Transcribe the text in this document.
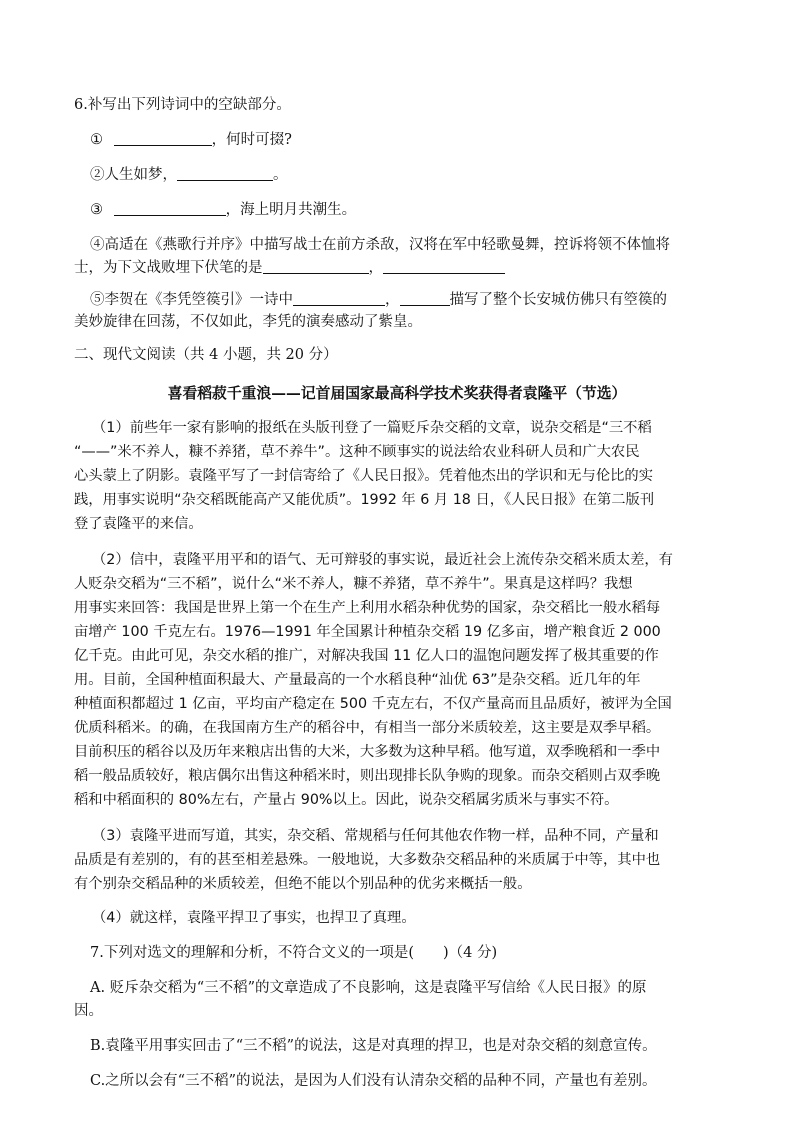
6.补写出下列诗词中的空缺部分。
①	，何时可掇?
②人生如梦，	。
③	，海上明月共潮生。
④高适在《燕歌行并序》中描写战士在前方杀敌，汉将在军中轻歌曼舞，控诉将领不体恤将
士，为下文战败埋下伏笔的是	，
⑤李贺在《李凭箜篌引》一诗中	，	描写了整个长安城仿佛只有箜篌的
美妙旋律在回荡，不仅如此，李凭的演奏感动了紫皇。
二、现代文阅读（共 4 小题，共 20 分）
喜看稻菽千重浪——记首届国家最高科学技术奖获得者袁隆平（节选）
（1）前些年一家有影响的报纸在头版刊登了一篇贬斥杂交稻的文章，说杂交稻是“三不稻
“——”米不养人，糠不养猪，草不养牛”。这种不顾事实的说法给农业科研人员和广大农民
心头蒙上了阴影。袁隆平写了一封信寄给了《人民日报》。凭着他杰出的学识和无与伦比的实
践，用事实说明“杂交稻既能高产又能优质”。1992 年 6 月 18 日，《人民日报》在第二版刊
登了袁隆平的来信。
（2）信中，袁隆平用平和的语气、无可辩驳的事实说，最近社会上流传杂交稻米质太差，有
人贬杂交稻为“三不稻”，说什么“米不养人，糠不养猪，草不养牛”。果真是这样吗？我想
用事实来回答：我国是世界上第一个在生产上利用水稻杂种优势的国家，杂交稻比一般水稻每
亩增产 100 千克左右。1976—1991 年全国累计种植杂交稻 19 亿多亩，增产粮食近 2 000
亿千克。由此可见，杂交水稻的推广，对解决我国 11 亿人口的温饱问题发挥了极其重要的作
用。目前，全国种植面积最大、产量最高的一个水稻良种“汕优 63”是杂交稻。近几年的年
种植面积都超过 1 亿亩，平均亩产稳定在 500 千克左右，不仅产量高而且品质好，被评为全国
优质科稻米。的确，在我国南方生产的稻谷中，有相当一部分米质较差，这主要是双季早稻。
目前积压的稻谷以及历年来粮店出售的大米，大多数为这种早稻。他写道，双季晚稻和一季中
稻一般品质较好，粮店偶尔出售这种稻米时，则出现排长队争购的现象。而杂交稻则占双季晚
稻和中稻面积的 80%左右，产量占 90%以上。因此，说杂交稻属劣质米与事实不符。
（3）袁隆平进而写道，其实，杂交稻、常规稻与任何其他农作物一样，品种不同，产量和
品质是有差别的，有的甚至相差悬殊。一般地说，大多数杂交稻品种的米质属于中等，其中也
有个别杂交稻品种的米质较差，但绝不能以个别品种的优劣来概括一般。
（4）就这样，袁隆平捍卫了事实，也捍卫了真理。
7.下列对选文的理解和分析，不符合文义的一项是(　　)（4 分)
A. 贬斥杂交稻为“三不稻”的文章造成了不良影响，这是袁隆平写信给《人民日报》的原
因。
B.袁隆平用事实回击了“三不稻”的说法，这是对真理的捍卫，也是对杂交稻的刻意宣传。
C.之所以会有“三不稻”的说法，是因为人们没有认清杂交稻的品种不同，产量也有差别。
